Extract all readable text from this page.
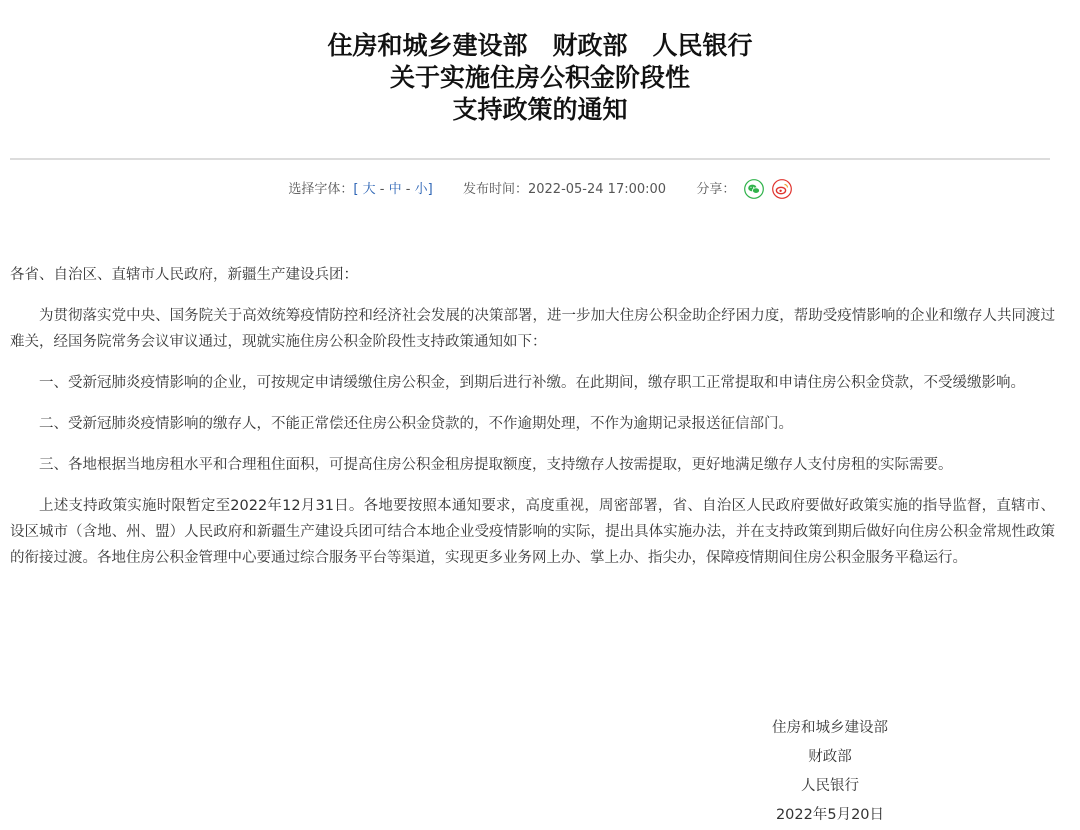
住房和城乡建设部　财政部　人民银行
关于实施住房公积金阶段性
支持政策的通知
选择字体：[ 大 - 中 - 小] 发布时间：2022-05-24 17:00:00 分享：

各省、自治区、直辖市人民政府，新疆生产建设兵团：

为贯彻落实党中央、国务院关于高效统筹疫情防控和经济社会发展的决策部署，进一步加大住房公积金助企纾困力度，帮助受疫情影响的企业和缴存人共同渡过难关，经国务院常务会议审议通过，现就实施住房公积金阶段性支持政策通知如下：

一、受新冠肺炎疫情影响的企业，可按规定申请缓缴住房公积金，到期后进行补缴。在此期间，缴存职工正常提取和申请住房公积金贷款，不受缓缴影响。

二、受新冠肺炎疫情影响的缴存人，不能正常偿还住房公积金贷款的，不作逾期处理，不作为逾期记录报送征信部门。

三、各地根据当地房租水平和合理租住面积，可提高住房公积金租房提取额度，支持缴存人按需提取，更好地满足缴存人支付房租的实际需要。

上述支持政策实施时限暂定至2022年12月31日。各地要按照本通知要求，高度重视，周密部署，省、自治区人民政府要做好政策实施的指导监督，直辖市、设区城市（含地、州、盟）人民政府和新疆生产建设兵团可结合本地企业受疫情影响的实际，提出具体实施办法，并在支持政策到期后做好向住房公积金常规性政策的衔接过渡。各地住房公积金管理中心要通过综合服务平台等渠道，实现更多业务网上办、掌上办、指尖办，保障疫情期间住房公积金服务平稳运行。

住房和城乡建设部
财政部
人民银行
2022年5月20日
